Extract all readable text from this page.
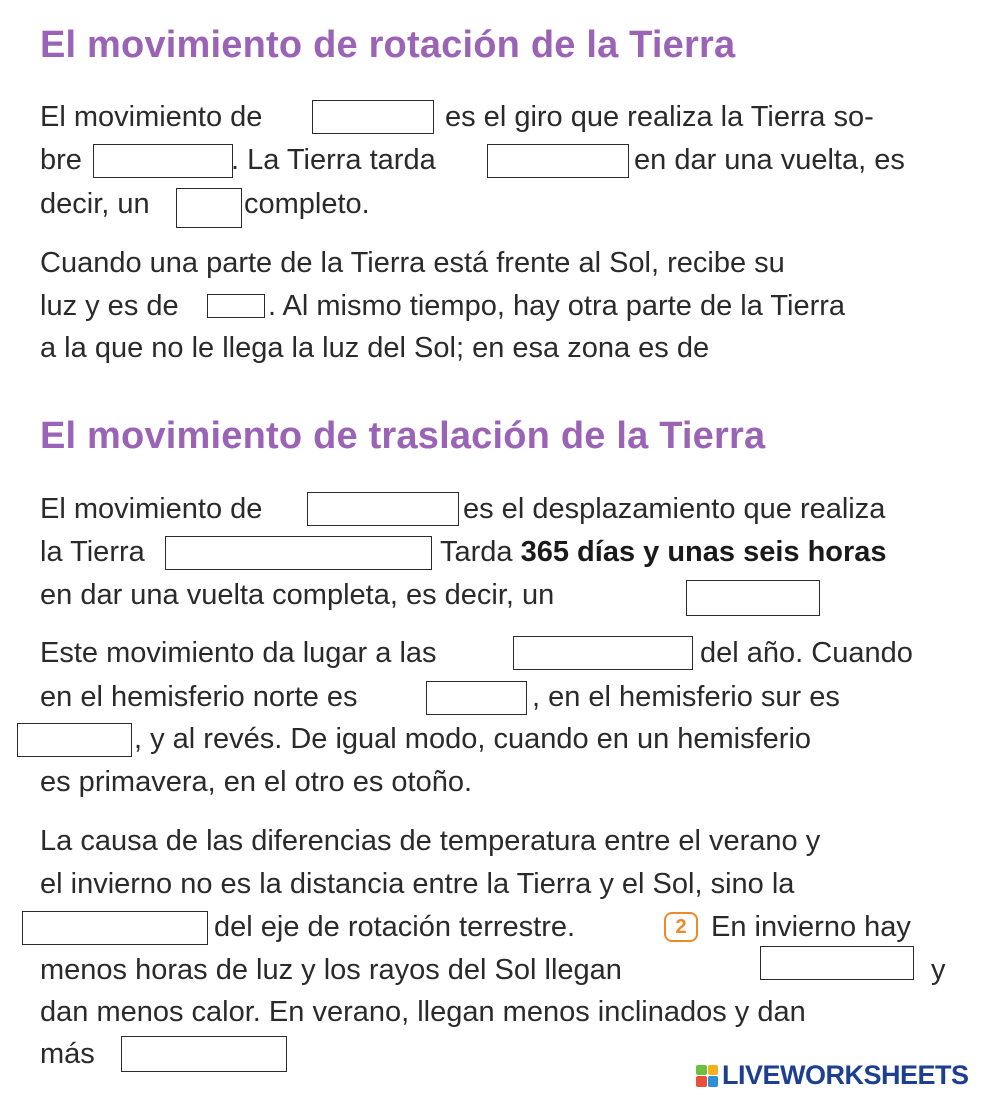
El movimiento de rotación de la Tierra
El movimiento de	es el giro que realiza la Tierra so-
bre	. La Tierra tarda	en dar una vuelta, es
decir, un	completo.
Cuando una parte de la Tierra está frente al Sol, recibe su
luz y es de	. Al mismo tiempo, hay otra parte de la Tierra
a la que no le llega la luz del Sol; en esa zona es de
El movimiento de traslación de la Tierra
El movimiento de	es el desplazamiento que realiza
la Tierra	Tarda 365 días y unas seis horas
en dar una vuelta completa, es decir, un
Este movimiento da lugar a las	del año. Cuando
en el hemisferio norte es	, en el hemisferio sur es
, y al revés. De igual modo, cuando en un hemisferio
es primavera, en el otro es otoño.
La causa de las diferencias de temperatura entre el verano y
el invierno no es la distancia entre la Tierra y el Sol, sino la
del eje de rotación terrestre.	2 En invierno hay
menos horas de luz y los rayos del Sol llegan	y
dan menos calor. En verano, llegan menos inclinados y dan
más
LIVEWORKSHEETS
